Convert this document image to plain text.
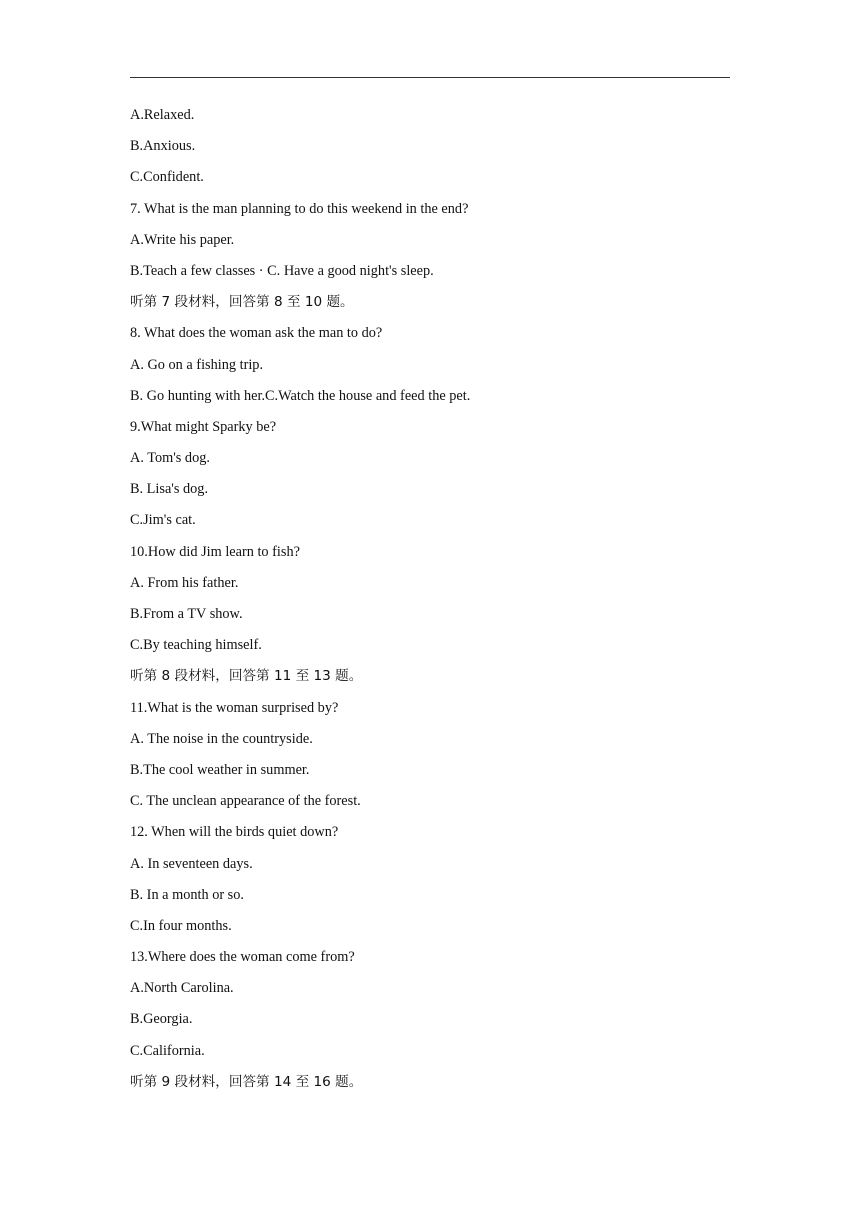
A.Relaxed.
B.Anxious.
C.Confident.
7. What is the man planning to do this weekend in the end?
A.Write his paper.
B.Teach a few classes · C. Have a good night's sleep.
听第 7 段材料，回答第 8 至 10 题。
8. What does the woman ask the man to do?
A. Go on a fishing trip.
B. Go hunting with her.C.Watch the house and feed the pet.
9.What might Sparky be?
A. Tom's dog.
B. Lisa's dog.
C.Jim's cat.
10.How did Jim learn to fish?
A. From his father.
B.From a TV show.
C.By teaching himself.
听第 8 段材料，回答第 11 至 13 题。
11.What is the woman surprised by?
A. The noise in the countryside.
B.The cool weather in summer.
C. The unclean appearance of the forest.
12. When will the birds quiet down?
A. In seventeen days.
B. In a month or so.
C.In four months.
13.Where does the woman come from?
A.North Carolina.
B.Georgia.
C.California.
听第 9 段材料，回答第 14 至 16 题。
